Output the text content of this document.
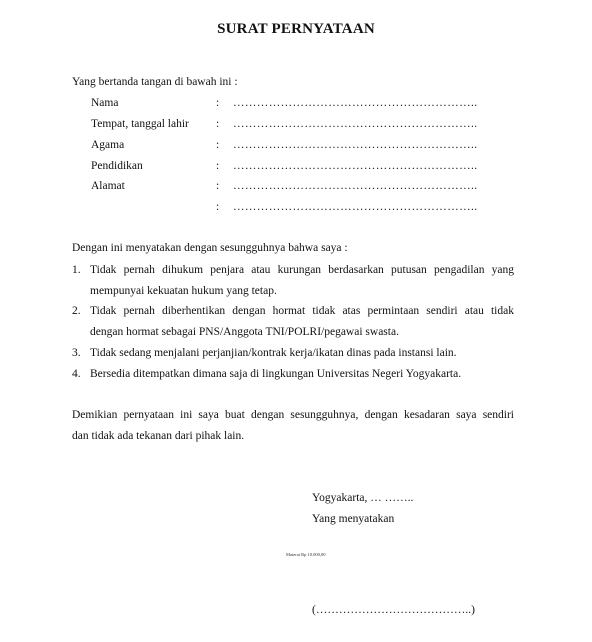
SURAT PERNYATAAN
Yang bertanda tangan di bawah ini :
Nama	: ……………………………………………………..
Tempat, tanggal lahir : ……………………………………………………..
Agama	: ……………………………………………………..
Pendidikan	: ……………………………………………………..
Alamat	: ……………………………………………………..
: ……………………………………………………..
Dengan ini menyatakan dengan sesungguhnya bahwa saya :
1. Tidak pernah dihukum penjara atau kurungan berdasarkan putusan pengadilan yang
mempunyai kekuatan hukum yang tetap.
2. Tidak pernah diberhentikan dengan hormat tidak atas permintaan sendiri atau tidak
dengan hormat sebagai PNS/Anggota TNI/POLRI/pegawai swasta.
3. Tidak sedang menjalani perjanjian/kontrak kerja/ikatan dinas pada instansi lain.
4. Bersedia ditempatkan dimana saja di lingkungan Universitas Negeri Yogyakarta.
Demikian pernyataan ini saya buat dengan sesungguhnya, dengan kesadaran saya sendiri
dan tidak ada tekanan dari pihak lain.
Yogyakarta, … ……..
Yang menyatakan
Materai Rp 10.000,00
(…………………………………..)
